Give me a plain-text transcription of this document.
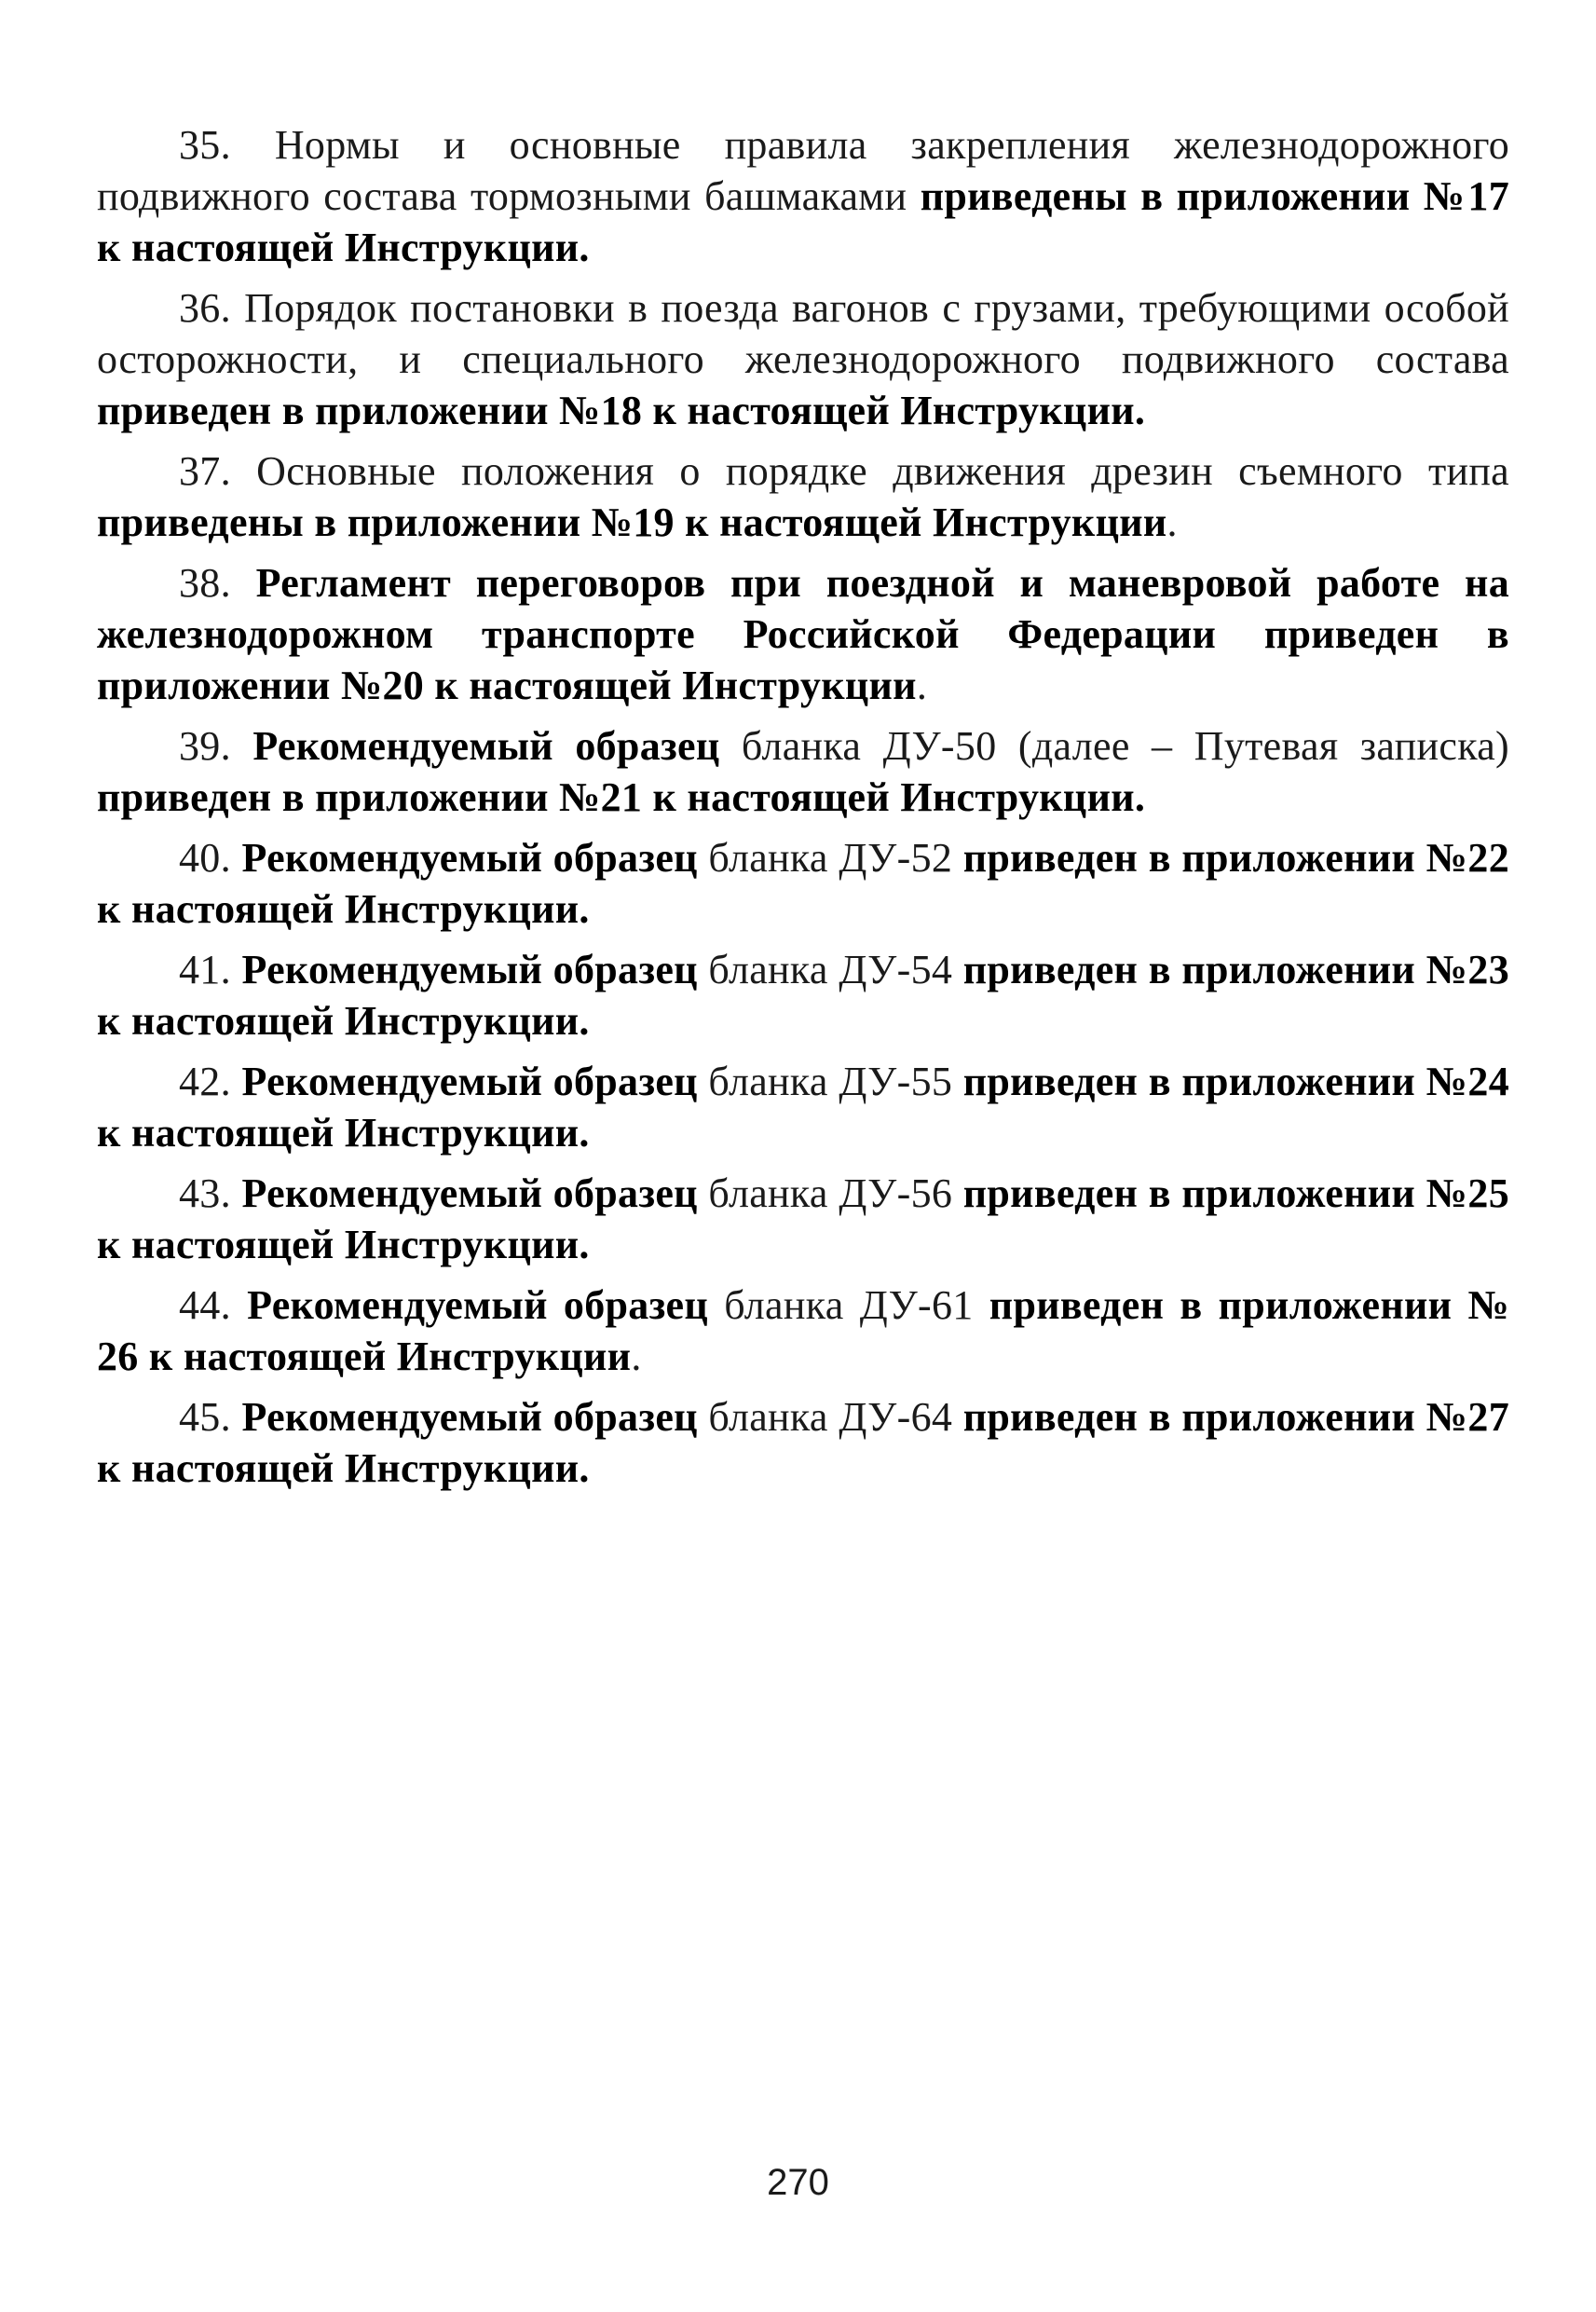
35. Нормы и основные правила закрепления железнодорожного подвижного состава тормозными башмаками приведены в приложении №17 к настоящей Инструкции.

36. Порядок постановки в поезда вагонов с грузами, требующими особой осторожности, и специального железнодорожного подвижного состава приведен в приложении №18 к настоящей Инструкции.

37. Основные положения о порядке движения дрезин съемного типа приведены в приложении №19 к настоящей Инструкции.

38. Регламент переговоров при поездной и маневровой работе на железнодорожном транспорте Российской Федерации приведен в приложении №20 к настоящей Инструкции.

39. Рекомендуемый образец бланка ДУ-50 (далее – Путевая записка) приведен в приложении №21 к настоящей Инструкции.

40. Рекомендуемый образец бланка ДУ-52 приведен в приложении №22 к настоящей Инструкции.

41. Рекомендуемый образец бланка ДУ-54 приведен в приложении №23 к настоящей Инструкции.

42. Рекомендуемый образец бланка ДУ-55 приведен в приложении №24 к настоящей Инструкции.

43. Рекомендуемый образец бланка ДУ-56 приведен в приложении №25 к настоящей Инструкции.

44. Рекомендуемый образец бланка ДУ-61 приведен в приложении № 26 к настоящей Инструкции.

45. Рекомендуемый образец бланка ДУ-64 приведен в приложении №27 к настоящей Инструкции.

270
